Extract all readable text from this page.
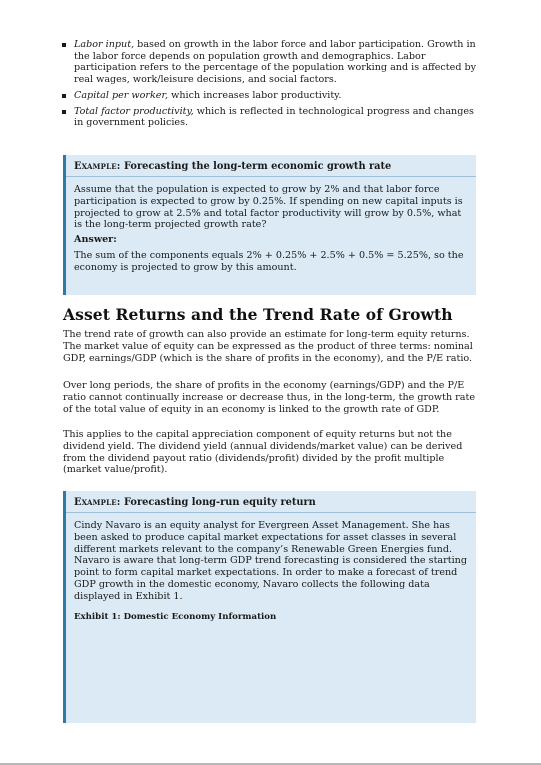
Labor input, based on growth in the labor force and labor participation. Growth in the labor force depends on population growth and demographics. Labor participation refers to the percentage of the population working and is affected by real wages, work/leisure decisions, and social factors.
Capital per worker, which increases labor productivity.
Total factor productivity, which is reflected in technological progress and changes in government policies.
Example: Forecasting the long-term economic growth rate

Assume that the population is expected to grow by 2% and that labor force participation is expected to grow by 0.25%. If spending on new capital inputs is projected to grow at 2.5% and total factor productivity will grow by 0.5%, what is the long-term projected growth rate?

Answer:

The sum of the components equals 2% + 0.25% + 2.5% + 0.5% = 5.25%, so the economy is projected to grow by this amount.

Asset Returns and the Trend Rate of Growth

The trend rate of growth can also provide an estimate for long-term equity returns. The market value of equity can be expressed as the product of three terms: nominal GDP, earnings/GDP (which is the share of profits in the economy), and the P/E ratio.

Over long periods, the share of profits in the economy (earnings/GDP) and the P/E ratio cannot continually increase or decrease thus, in the long-term, the growth rate of the total value of equity in an economy is linked to the growth rate of GDP.

This applies to the capital appreciation component of equity returns but not the dividend yield. The dividend yield (annual dividends/market value) can be derived from the dividend payout ratio (dividends/profit) divided by the profit multiple (market value/profit).

Example: Forecasting long-run equity return

Cindy Navaro is an equity analyst for Evergreen Asset Management. She has been asked to produce capital market expectations for asset classes in several different markets relevant to the company’s Renewable Green Energies fund. Navaro is aware that long-term GDP trend forecasting is considered the starting point to form capital market expectations. In order to make a forecast of trend GDP growth in the domestic economy, Navaro collects the following data displayed in Exhibit 1.

Exhibit 1: Domestic Economy Information
